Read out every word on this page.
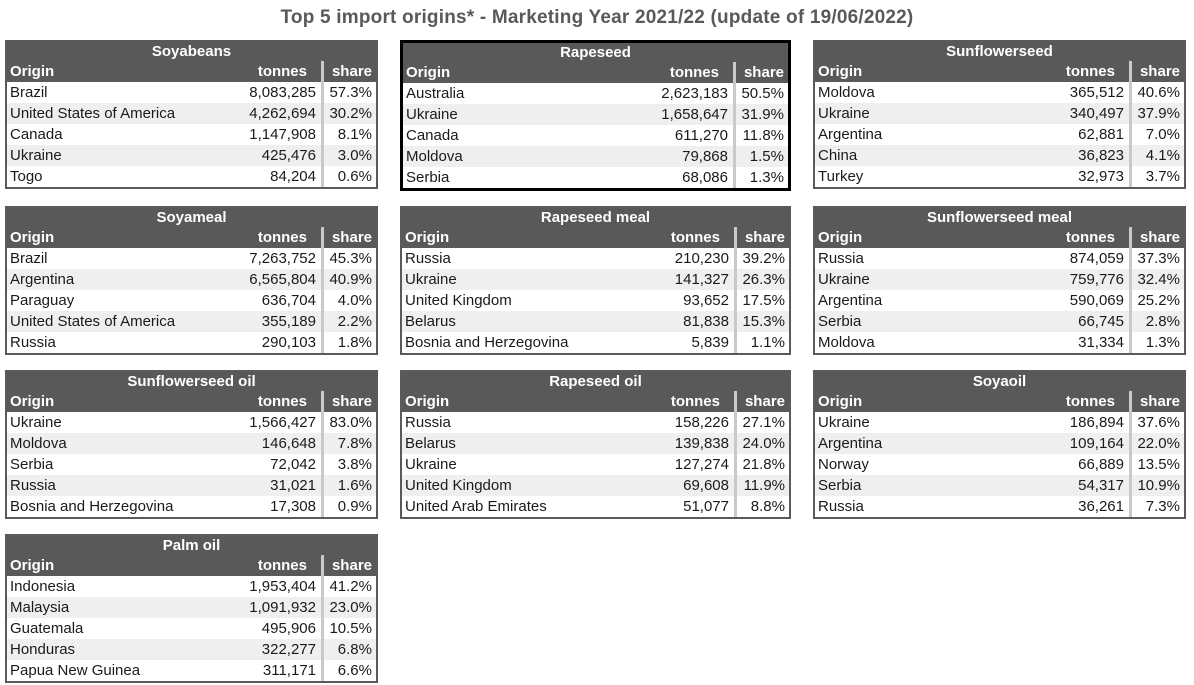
Top 5 import origins* - Marketing Year 2021/22 (update of 19/06/2022)
Soyabeans
Origin	tonnes	share
Brazil	8,083,285 57.3%
United States of America	4,262,694 30.2%
Canada	1,147,908	8.1%
Ukraine	425,476	3.0%
Togo	84,204	0.6%
Rapeseed
Origin	tonnes	share
Australia	2,623,183 50.5%
Ukraine	1,658,647 31.9%
Canada	611,270 11.8%
Moldova	79,868	1.5%
Serbia	68,086	1.3%
Sunflowerseed
Origin	tonnes	share
Moldova	365,512 40.6%
Ukraine	340,497 37.9%
Argentina	62,881	7.0%
China	36,823	4.1%
Turkey	32,973	3.7%
Soyameal
Origin	tonnes	share
Brazil	7,263,752 45.3%
Argentina	6,565,804 40.9%
Paraguay	636,704	4.0%
United States of America	355,189	2.2%
Russia	290,103	1.8%
Rapeseed meal
Origin	tonnes	share
Russia	210,230 39.2%
Ukraine	141,327 26.3%
United Kingdom	93,652 17.5%
Belarus	81,838 15.3%
Bosnia and Herzegovina	5,839	1.1%
Sunflowerseed meal
Origin	tonnes	share
Russia	874,059 37.3%
Ukraine	759,776 32.4%
Argentina	590,069 25.2%
Serbia	66,745	2.8%
Moldova	31,334	1.3%
Sunflowerseed oil
Origin	tonnes	share
Ukraine	1,566,427 83.0%
Moldova	146,648	7.8%
Serbia	72,042	3.8%
Russia	31,021	1.6%
Bosnia and Herzegovina	17,308	0.9%
Rapeseed oil
Origin	tonnes	share
Russia	158,226 27.1%
Belarus	139,838 24.0%
Ukraine	127,274 21.8%
United Kingdom	69,608 11.9%
United Arab Emirates	51,077	8.8%
Soyaoil
Origin	tonnes	share
Ukraine	186,894 37.6%
Argentina	109,164 22.0%
Norway	66,889 13.5%
Serbia	54,317 10.9%
Russia	36,261	7.3%
Palm oil
Origin	tonnes	share
Indonesia	1,953,404 41.2%
Malaysia	1,091,932 23.0%
Guatemala	495,906 10.5%
Honduras	322,277	6.8%
Papua New Guinea	311,171	6.6%
